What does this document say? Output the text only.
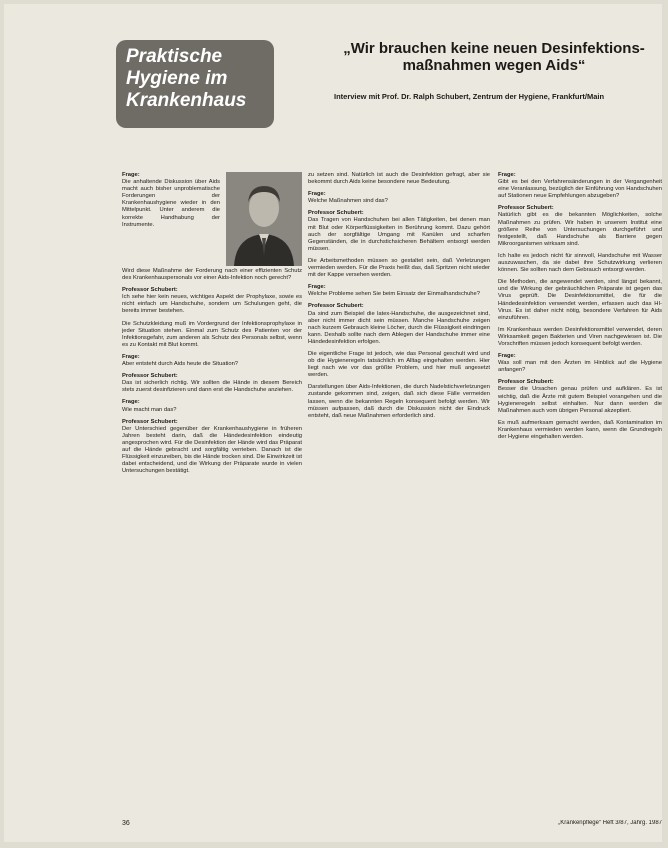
Praktische
Hygiene im
Krankenhaus
„Wir brauchen keine neuen Desinfektions-
maßnahmen wegen Aids“
Interview mit Prof. Dr. Ralph Schubert, Zentrum der Hygiene, Frankfurt/Main
Frage:

Die anhaltende Diskussion über Aids macht auch bisher unproblematische Forderungen der Krankenhaushygiene wieder in den Mittelpunkt. Unter anderem die korrekte Handhabung der Instrumente.

Wird diese Maßnahme der Forderung nach einer effizienten Schutz des Krankenhauspersonals vor einer Aids-Infektion noch gerecht?

Professor Schubert:

Ich sehe hier kein neues, wichtiges Aspekt der Prophylaxe, sowie es nicht einfach um Handschuhe, sondern um Schulungen geht, die bereits immer bestehen.

Die Schutzkleidung muß im Vordergrund der Infektionsprophylaxe in jeder Situation stehen. Einmal zum Schutz des Patienten vor der Infektionsgefahr, zum anderen als Schutz des Personals selbst, wenn es zu Kontakt mit Blut kommt.

Frage:

Aber entsteht durch Aids heute die Situation?

Professor Schubert:

Das ist sicherlich richtig. Wir sollten die Hände in diesem Bereich stets zuerst desinfizieren und dann erst die Handschuhe anziehen.

Frage:

Wie macht man das?

Professor Schubert:

Der Unterschied gegenüber der Krankenhaushygiene in früheren Jahren besteht darin, daß die Händedesinfektion eindeutig angesprochen wird. Für die Desinfektion der Hände wird das Präparat auf die Hände gebracht und sorgfältig verrieben. Danach ist die Flüssigkeit einzureiben, bis die Hände trocken sind. Die Einwirkzeit ist dabei entscheidend, und die Wirkung der Präparate wurde in vielen Untersuchungen bestätigt.

zu setzen sind. Natürlich ist auch die Desinfektion gefragt, aber sie bekommt durch Aids keine besondere neue Bedeutung.

Frage:

Welche Maßnahmen sind das?

Professor Schubert:

Das Tragen von Handschuhen bei allen Tätigkeiten, bei denen man mit Blut oder Körperflüssigkeiten in Berührung kommt. Dazu gehört auch der sorgfältige Umgang mit Kanülen und scharfen Gegenständen, die in durchstichsicheren Behältern entsorgt werden müssen.

Die Arbeitsmethoden müssen so gestaltet sein, daß Verletzungen vermieden werden. Für die Praxis heißt das, daß Spritzen nicht wieder mit der Kappe versehen werden.

Frage:

Welche Probleme sehen Sie beim Einsatz der Einmalhandschuhe?

Professor Schubert:

Da sind zum Beispiel die latex-Handschuhe, die ausgezeichnet sind, aber nicht immer dicht sein müssen. Manche Handschuhe zeigen nach kurzem Gebrauch kleine Löcher, durch die Flüssigkeit eindringen kann. Deshalb sollte nach dem Ablegen der Handschuhe immer eine Händedesinfektion erfolgen.

Die eigentliche Frage ist jedoch, wie das Personal geschult wird und ob die Hygieneregeln tatsächlich im Alltag eingehalten werden. Hier liegt nach wie vor das größte Problem, und hier muß angesetzt werden.

Darstellungen über Aids-Infektionen, die durch Nadelstichverletzungen zustande gekommen sind, zeigen, daß sich diese Fälle vermeiden lassen, wenn die bekannten Regeln konsequent befolgt werden. Wir müssen aufpassen, daß durch die Diskussion nicht der Eindruck entsteht, daß neue Maßnahmen erforderlich sind.

Frage:

Gibt es bei den Verfahrensänderungen in der Vergangenheit eine Veranlassung, bezüglich der Einführung von Handschuhen auf Stationen neue Empfehlungen abzugeben?

Professor Schubert:

Natürlich gibt es die bekannten Möglichkeiten, solche Maßnahmen zu prüfen. Wir haben in unserem Institut eine größere Reihe von Untersuchungen durchgeführt und festgestellt, daß Handschuhe als Barriere gegen Mikroorganismen wirksam sind.

Ich halte es jedoch nicht für sinnvoll, Handschuhe mit Wasser auszuwaschen, da sie dabei ihre Schutzwirkung verlieren können. Sie sollten nach dem Gebrauch entsorgt werden.

Die Methoden, die angewendet werden, sind längst bekannt, und die Wirkung der gebräuchlichen Präparate ist gegen das Virus geprüft. Die Desinfektionsmittel, die für die Händedesinfektion verwendet werden, erfassen auch das HI-Virus. Es ist daher nicht nötig, besondere Verfahren für Aids einzuführen.

Im Krankenhaus werden Desinfektionsmittel verwendet, deren Wirksamkeit gegen Bakterien und Viren nachgewiesen ist. Die Vorschriften müssen jedoch konsequent befolgt werden.

Frage:

Was soll man mit den Ärzten im Hinblick auf die Hygiene anfangen?

Professor Schubert:

Besser die Ursachen genau prüfen und aufklären. Es ist wichtig, daß die Ärzte mit gutem Beispiel vorangehen und die Hygieneregeln selbst einhalten. Nur dann werden die Maßnahmen auch vom übrigen Personal akzeptiert.

Es muß aufmerksam gemacht werden, daß Kontamination im Krankenhaus vermieden werden kann, wenn die Grundregeln der Hygiene eingehalten werden.

36	„Krankenpflege“ Heft 3/87, Jahrg. 1987
